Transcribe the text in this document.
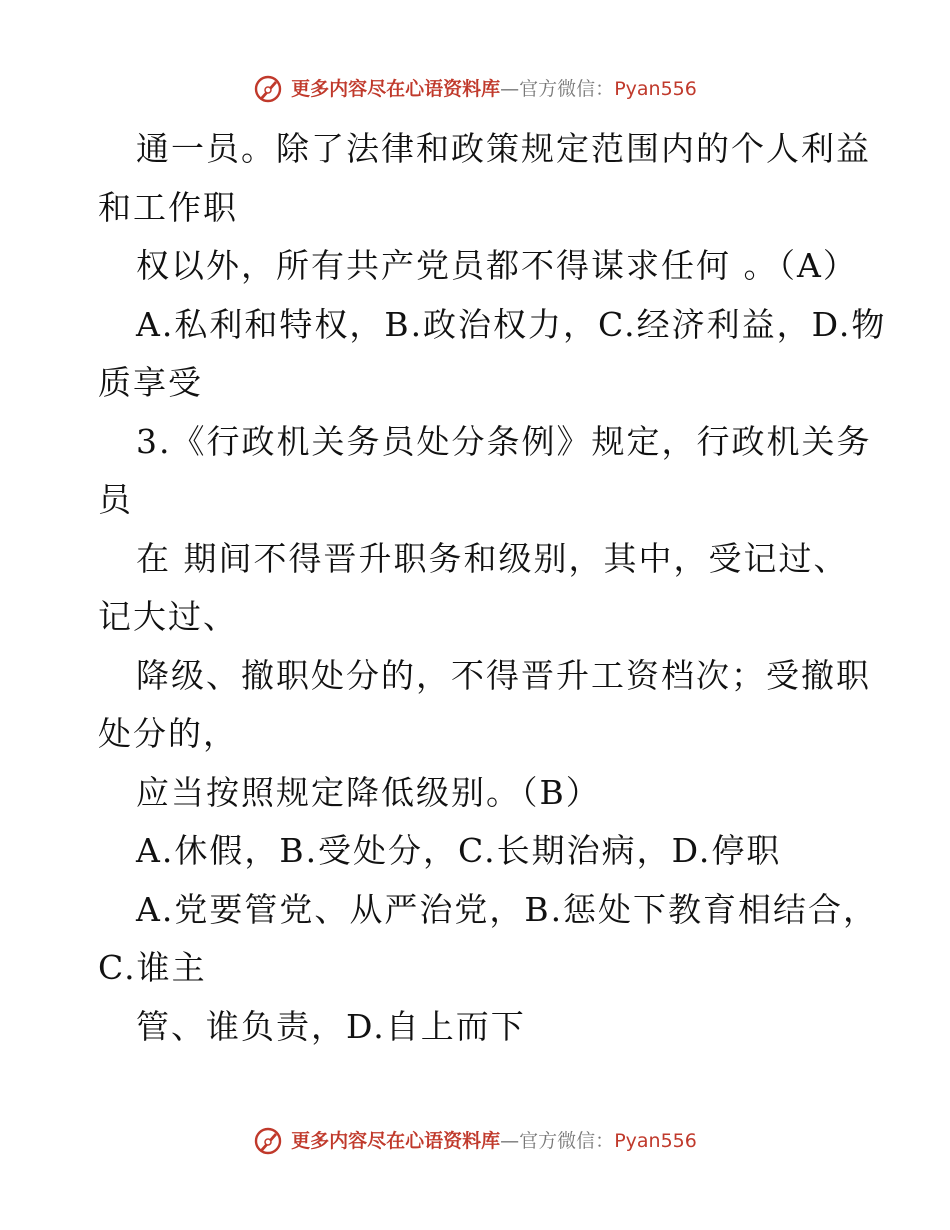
更多内容尽在心语资料库—官方微信：Pyan556

通一员。除了法律和政策规定范围内的个人利益
和工作职

权以外，所有共产党员都不得谋求任何 。（A）

A.私利和特权，B.政治权力，C.经济利益，D.物
质享受

3.《行政机关务员处分条例》规定，行政机关务
员

在 期间不得晋升职务和级别，其中，受记过、
记大过、

降级、撤职处分的，不得晋升工资档次；受撤职
处分的，

应当按照规定降低级别。（B）

A.休假，B.受处分，C.长期治病，D.停职

A.党要管党、从严治党，B.惩处下教育相结合，
C.谁主

管、谁负责，D.自上而下

更多内容尽在心语资料库—官方微信：Pyan556
